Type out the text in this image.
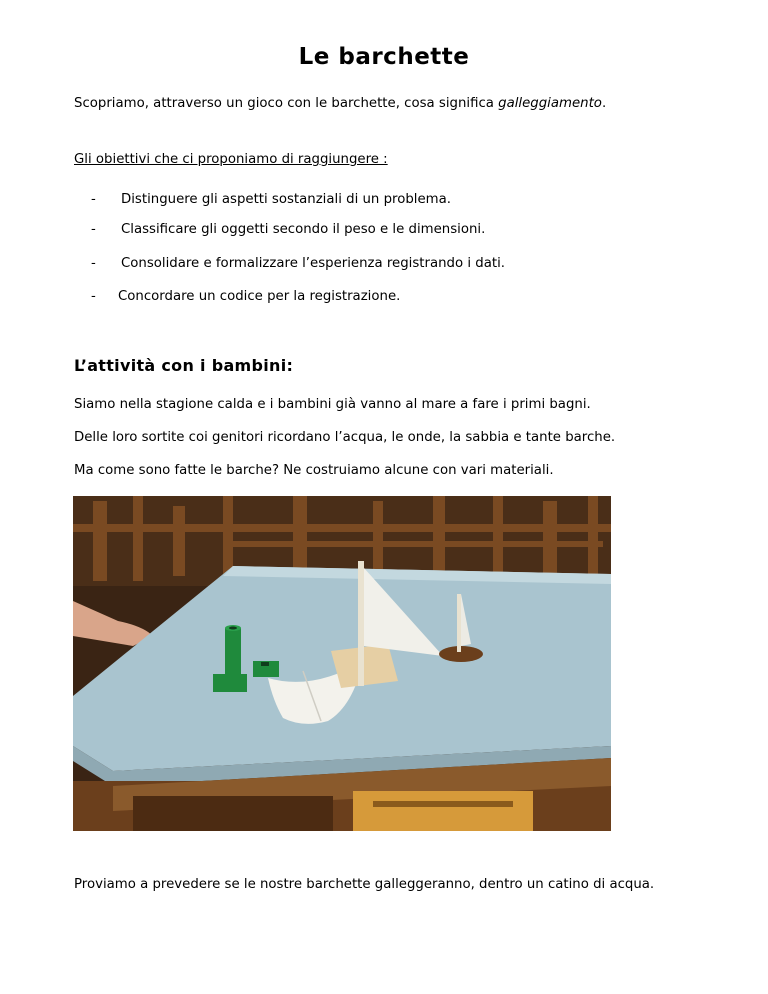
Le barchette
Scopriamo, attraverso un gioco con le barchette, cosa significa galleggiamento.
Gli obiettivi che ci proponiamo di raggiungere :
- Distinguere gli aspetti sostanziali di un problema.
- Classificare gli oggetti secondo il peso e le dimensioni.
- Consolidare e formalizzare l’esperienza registrando i dati.
- Concordare un codice per la registrazione.
L’attività con i bambini:
Siamo nella stagione calda e i bambini già vanno al mare a fare i primi bagni.
Delle loro sortite coi genitori ricordano l’acqua, le onde, la sabbia e tante barche.
Ma come sono fatte le barche? Ne costruiamo alcune con vari materiali.
Proviamo a prevedere se le nostre barchette galleggeranno, dentro un catino di acqua.
